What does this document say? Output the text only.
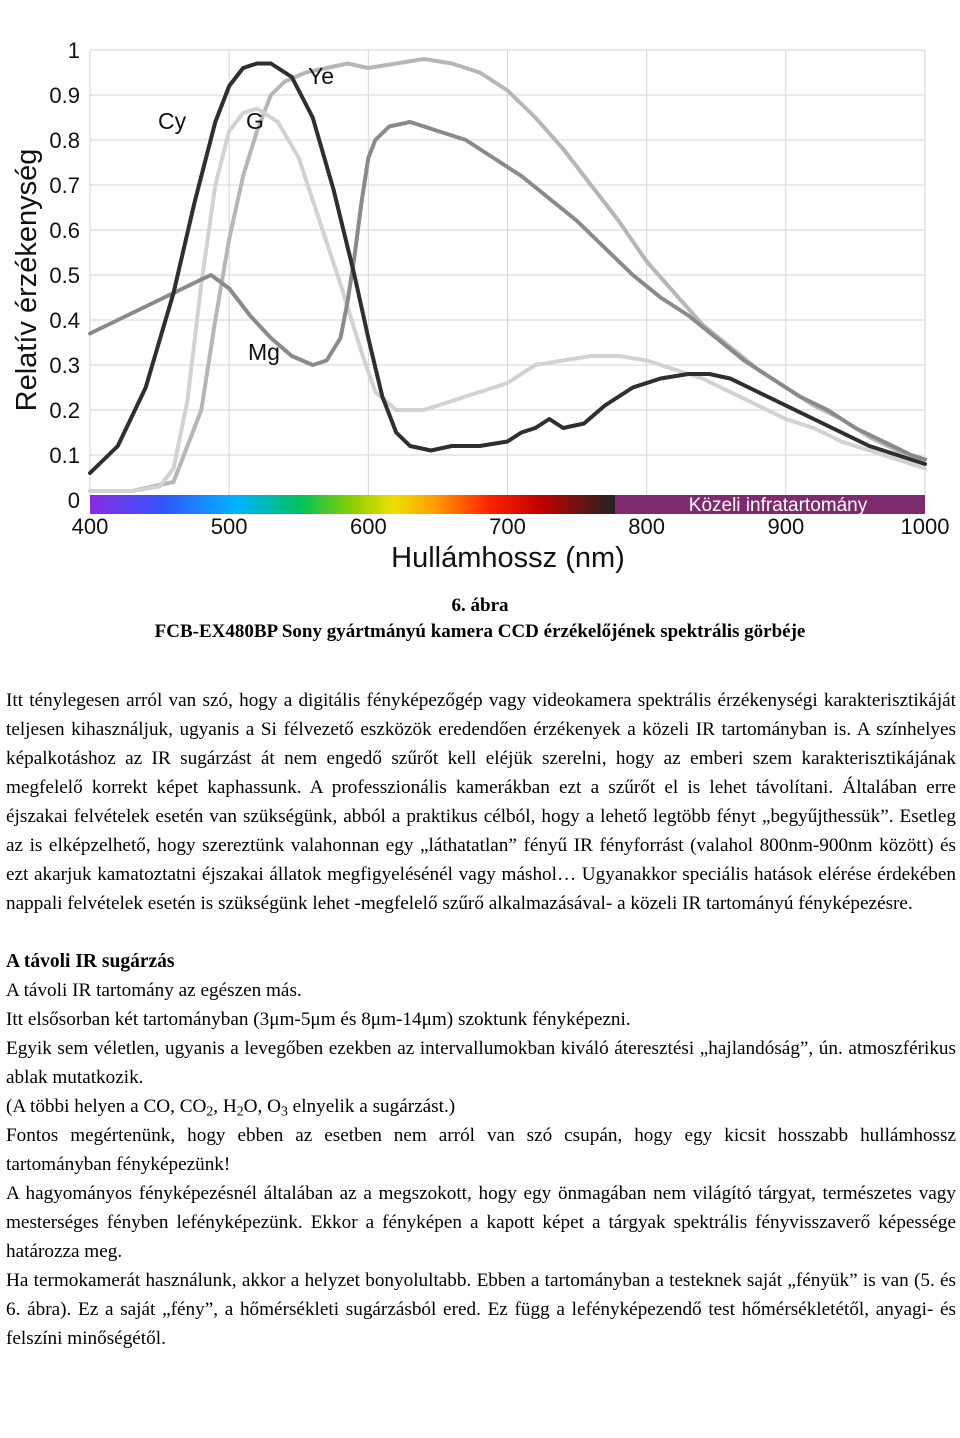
Közeli infratartomány
0
0.1
0.2
0.3
0.4
0.5
0.6
0.7
0.8
0.9
1
400	500	600	700	800	900	1000
Relatív érzékenység
Hullámhossz (nm)
Cy	G
Ye
Mg
6. ábra
FCB-EX480BP Sony gyártmányú kamera CCD érzékelőjének spektrális görbéje

Itt ténylegesen arról van szó, hogy a digitális fényképezőgép vagy videokamera spektrális érzékenységi karakterisztikáját teljesen kihasználjuk, ugyanis a Si félvezető eszközök eredendően érzékenyek a közeli IR tartományban is. A színhelyes képalkotáshoz az IR sugárzást át nem engedő szűrőt kell eléjük szerelni, hogy az emberi szem karakterisztikájának megfelelő korrekt képet kaphassunk. A professzionális kamerákban ezt a szűrőt el is lehet távolítani. Általában erre éjszakai felvételek esetén van szükségünk, abból a praktikus célból, hogy a lehető legtöbb fényt „begyűjthessük”. Esetleg az is elképzelhető, hogy szereztünk valahonnan egy „láthatatlan” fényű IR fényforrást (valahol 800nm-900nm között) és ezt akarjuk kamatoztatni éjszakai állatok megfigyelésénél vagy máshol… Ugyanakkor speciális hatások elérése érdekében nappali felvételek esetén is szükségünk lehet -megfelelő szűrő alkalmazásával- a közeli IR tartományú fényképezésre.

A távoli IR sugárzás

A távoli IR tartomány az egészen más.

Itt elsősorban két tartományban (3μm-5μm és 8μm-14μm) szoktunk fényképezni.

Egyik sem véletlen, ugyanis a levegőben ezekben az intervallumokban kiváló áteresztési „hajlandóság”, ún. atmoszférikus ablak mutatkozik.

(A többi helyen a CO, $CO_2$, $H_2O$, $O_3$ elnyelik a sugárzást.)

Fontos megértenünk, hogy ebben az esetben nem arról van szó csupán, hogy egy kicsit hosszabb hullámhossz tartományban fényképezünk!

A hagyományos fényképezésnél általában az a megszokott, hogy egy önmagában nem világító tárgyat, természetes vagy mesterséges fényben lefényképezünk. Ekkor a fényképen a kapott képet a tárgyak spektrális fényvisszaverő képessége határozza meg.

Ha termokamerát használunk, akkor a helyzet bonyolultabb. Ebben a tartományban a testeknek saját „fényük” is van (5. és 6. ábra). Ez a saját „fény”, a hőmérsékleti sugárzásból ered. Ez függ a lefényképezendő test hőmérsékletétől, anyagi- és felszíni minőségétől.
